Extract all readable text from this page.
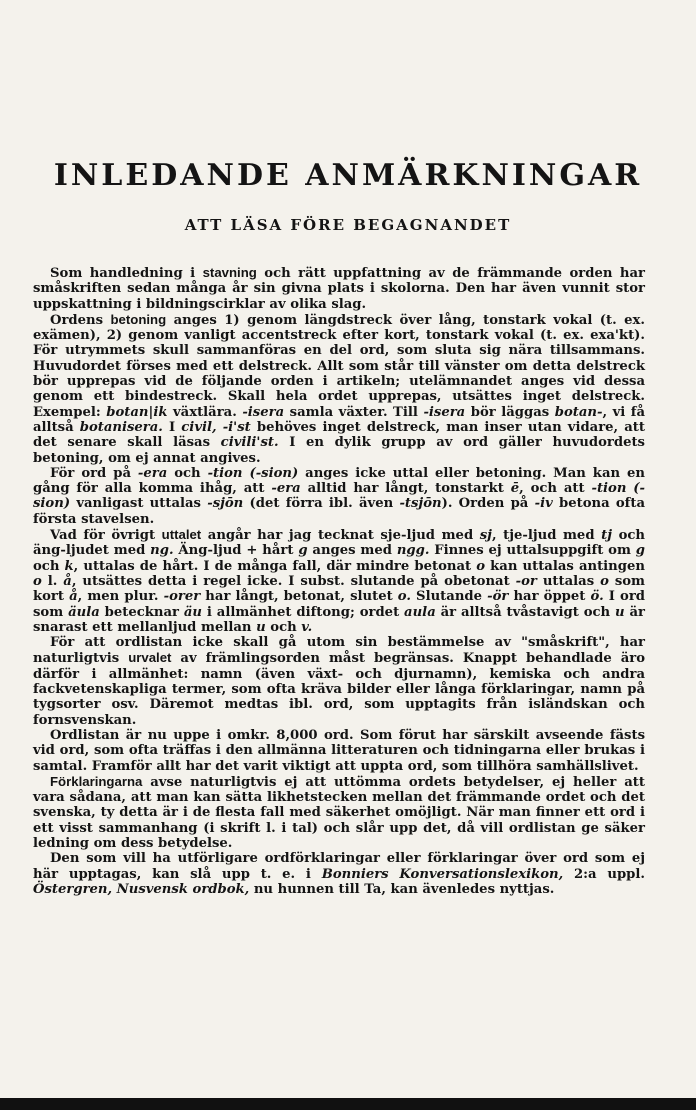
INLEDANDE ANMÄRKNINGAR
ATT LÄSA FÖRE BEGAGNANDET

Som handledning i stavning och rätt uppfattning av de främmande orden har småskriften sedan många år sin givna plats i skolorna. Den har även vunnit stor uppskattning i bildningscirklar av olika slag.

Ordens betoning anges 1) genom längdstreck över lång, tonstark vokal (t. ex. exämen), 2) genom vanligt accentstreck efter kort, tonstark vokal (t. ex. exa'kt). För utrymmets skull sammanföras en del ord, som sluta sig nära tillsammans. Huvudordet förses med ett delstreck. Allt som står till vänster om detta delstreck bör upprepas vid de följande orden i artikeln; utelämnandet anges vid dessa genom ett bindestreck. Skall hela ordet upprepas, utsättes inget delstreck. Exempel: botan|ik växtlära. -isera samla växter. Till -isera bör läggas botan-, vi få alltså botanisera. I civil, -i'st behöves inget delstreck, man inser utan vidare, att det senare skall läsas civili'st. I en dylik grupp av ord gäller huvudordets betoning, om ej annat angives.

För ord på -era och -tion (-sion) anges icke uttal eller betoning. Man kan en gång för alla komma ihåg, att -era alltid har långt, tonstarkt ē, och att -tion (-sion) vanligast uttalas -sjōn (det förra ibl. även -tsjōn). Orden på -iv betona ofta första stavelsen.

Vad för övrigt uttalet angår har jag tecknat sje-ljud med sj, tje-ljud med tj och äng-ljudet med ng. Äng-ljud + hårt g anges med ngg. Finnes ej uttalsuppgift om g och k, uttalas de hårt. I de många fall, där mindre betonat o kan uttalas antingen o l. å, utsättes detta i regel icke. I subst. slutande på obetonat -or uttalas o som kort å, men plur. -orer har långt, betonat, slutet o. Slutande -ör har öppet ö. I ord som äula betecknar äu i allmänhet diftong; ordet aula är alltså tvåstavigt och u är snarast ett mellanljud mellan u och v.

För att ordlistan icke skall gå utom sin bestämmelse av "småskrift", har naturligtvis urvalet av främlingsorden måst begränsas. Knappt behandlade äro därför i allmänhet: namn (även växt- och djurnamn), kemiska och andra fackvetenskapliga termer, som ofta kräva bilder eller långa förklaringar, namn på tygsorter osv. Däremot medtas ibl. ord, som upptagits från isländskan och fornsvenskan.

Ordlistan är nu uppe i omkr. 8,000 ord. Som förut har särskilt avseende fästs vid ord, som ofta träffas i den allmänna litteraturen och tidningarna eller brukas i samtal. Framför allt har det varit viktigt att uppta ord, som tillhöra samhällslivet.

Förklaringarna avse naturligtvis ej att uttömma ordets betydelser, ej heller att vara sådana, att man kan sätta likhetstecken mellan det främmande ordet och det svenska, ty detta är i de flesta fall med säkerhet omöjligt. När man finner ett ord i ett visst sammanhang (i skrift l. i tal) och slår upp det, då vill ordlistan ge säker ledning om dess betydelse.

Den som vill ha utförligare ordförklaringar eller förklaringar över ord som ej här upptagas, kan slå upp t. e. i Bonniers Konversationslexikon, 2:a uppl. Östergren, Nusvensk ordbok, nu hunnen till Ta, kan ävenledes nyttjas.
